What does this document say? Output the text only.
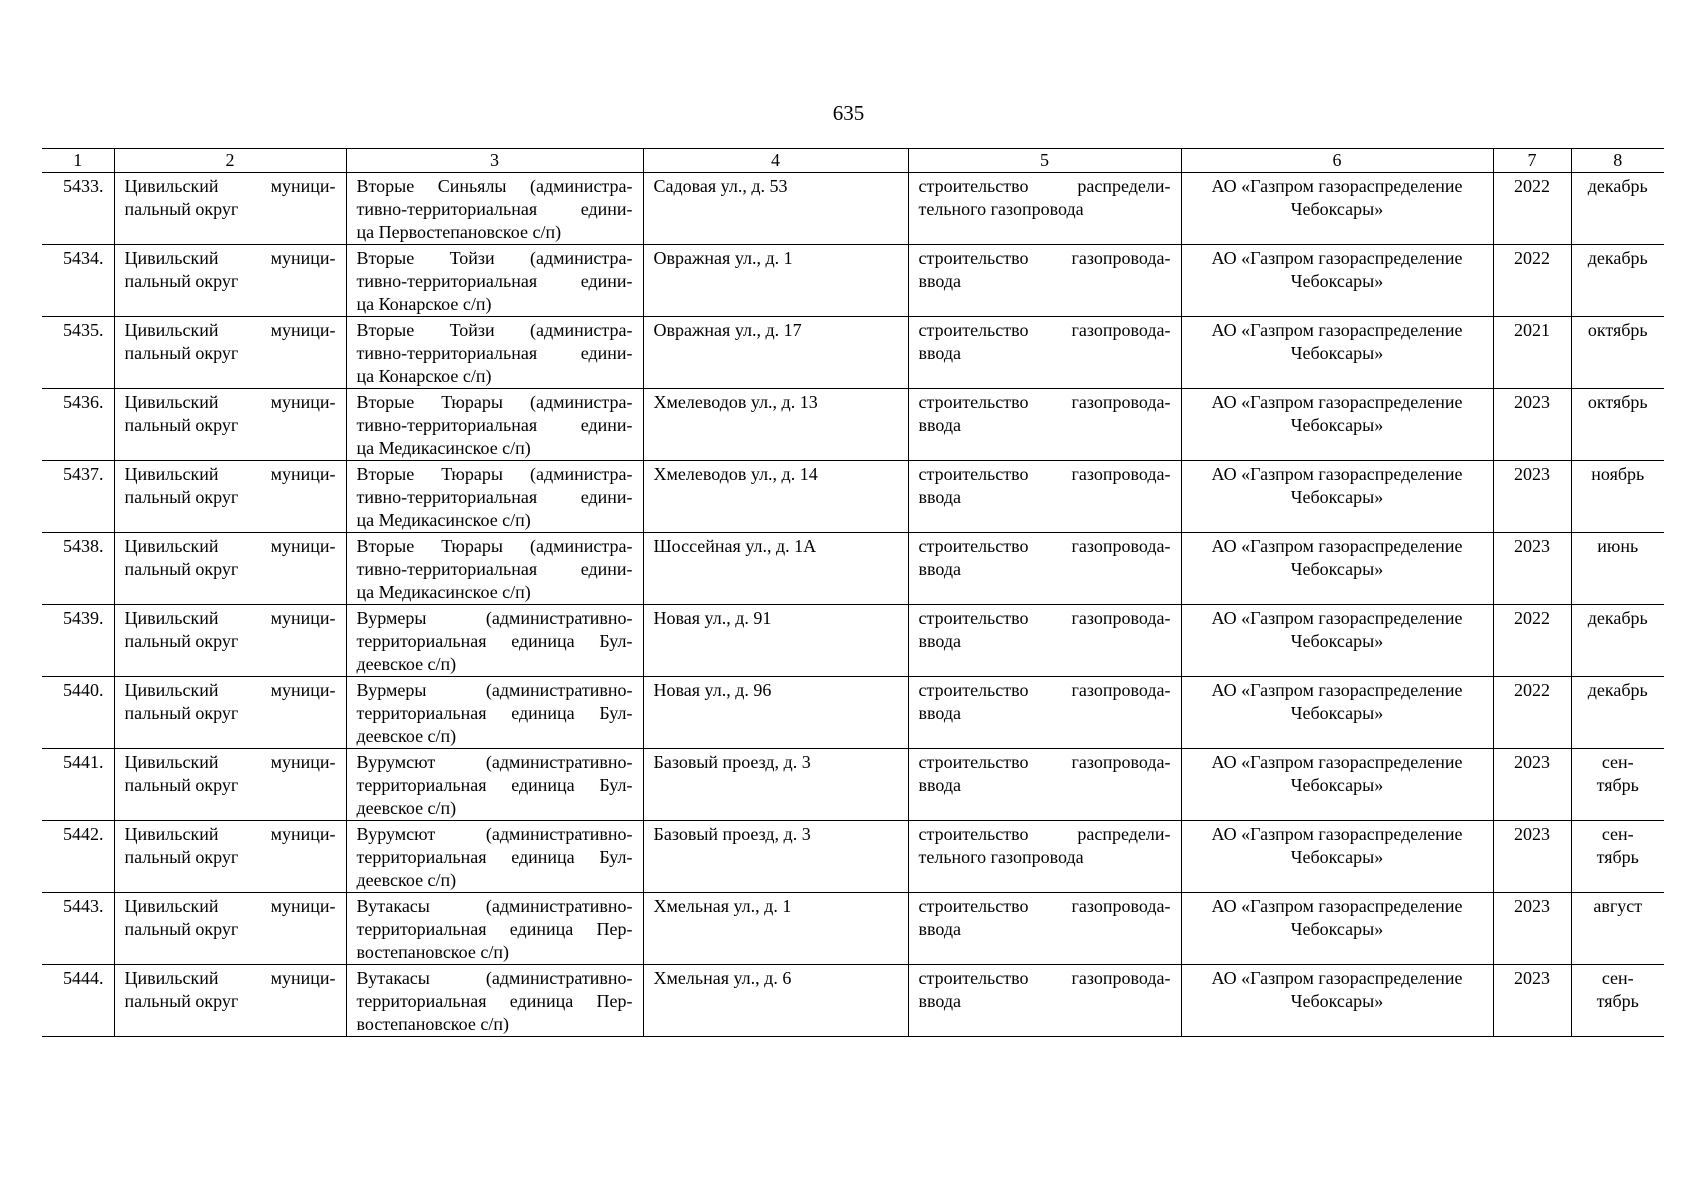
635
1	2	3	4	5	6	7	8
5433.	Цивильский муници-
пальный округ	Вторые Синьялы (администра-
тивно-территориальная едини-
ца Первостепановское с/п)	Садовая ул., д. 53	строительство распредели-
тельного газопровода	АО «Газпром газораспределение
Чебоксары»	2022	декабрь

5434.	Цивильский муници-
пальный округ	Вторые Тойзи (администра-
тивно-территориальная едини-
ца Конарское с/п)	Овражная ул., д. 1	строительство газопровода-
ввода	АО «Газпром газораспределение
Чебоксары»	2022	декабрь

5435.	Цивильский муници-
пальный округ	Вторые Тойзи (администра-
тивно-территориальная едини-
ца Конарское с/п)	Овражная ул., д. 17	строительство газопровода-
ввода	АО «Газпром газораспределение
Чебоксары»	2021	октябрь

5436.	Цивильский муници-
пальный округ	Вторые Тюрары (администра-
тивно-территориальная едини-
ца Медикасинское с/п)	Хмелеводов ул., д. 13	строительство газопровода-
ввода	АО «Газпром газораспределение
Чебоксары»	2023	октябрь

5437.	Цивильский муници-
пальный округ	Вторые Тюрары (администра-
тивно-территориальная едини-
ца Медикасинское с/п)	Хмелеводов ул., д. 14	строительство газопровода-
ввода	АО «Газпром газораспределение
Чебоксары»	2023	ноябрь

5438.	Цивильский муници-
пальный округ	Вторые Тюрары (администра-
тивно-территориальная едини-
ца Медикасинское с/п)	Шоссейная ул., д. 1А	строительство газопровода-
ввода	АО «Газпром газораспределение
Чебоксары»	2023	июнь

5439.	Цивильский муници-
пальный округ	Вурмеры (административно-
территориальная единица Бул-
деевское с/п)	Новая ул., д. 91	строительство газопровода-
ввода	АО «Газпром газораспределение
Чебоксары»	2022	декабрь

5440.	Цивильский муници-
пальный округ	Вурмеры (административно-
территориальная единица Бул-
деевское с/п)	Новая ул., д. 96	строительство газопровода-
ввода	АО «Газпром газораспределение
Чебоксары»	2022	декабрь

5441.	Цивильский муници-
пальный округ	Вурумсют (административно-
территориальная единица Бул-
деевское с/п)	Базовый проезд, д. 3	строительство газопровода-
ввода	АО «Газпром газораспределение
Чебоксары»	2023	сен-
тябрь

5442.	Цивильский муници-
пальный округ	Вурумсют (административно-
территориальная единица Бул-
деевское с/п)	Базовый проезд, д. 3	строительство распредели-
тельного газопровода	АО «Газпром газораспределение
Чебоксары»	2023	сен-
тябрь

5443.	Цивильский муници-
пальный округ	Вутакасы (административно-
территориальная единица Пер-
востепановское с/п)	Хмельная ул., д. 1	строительство газопровода-
ввода	АО «Газпром газораспределение
Чебоксары»	2023	август

5444.	Цивильский муници-
пальный округ	Вутакасы (административно-
территориальная единица Пер-
востепановское с/п)	Хмельная ул., д. 6	строительство газопровода-
ввода	АО «Газпром газораспределение
Чебоксары»	2023	сен-
тябрь
